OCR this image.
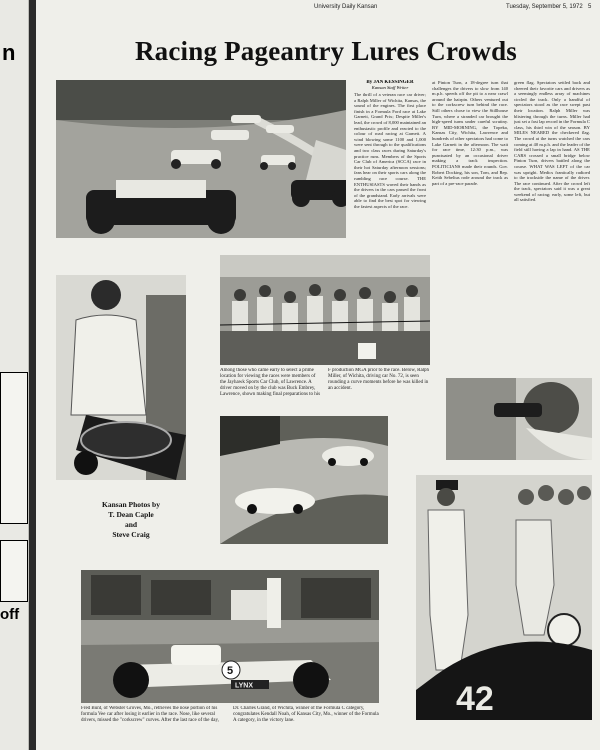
n
off
University Daily Kansan	Tuesday, September 5, 1972 5
Racing Pageantry Lures Crowds
By JAN KESSINGER
Kansan Staff Writer
The thrill of a veteran race car driver; a Ralph Miller of Wichita, Kansas, the sound of the engines. The first place finish in a Formula Ford race at Lake Garnett, Grand Prix; Despite Miller's lead, the crowd of 8,000 maintained an enthusiastic profile and reacted to the colour of road racing at Garnett. A wind blowing some 1100 and 1,000 were sent through to the qualifications and two class races during Saturday's practice runs. Members of the Sports Car Club of America (SCCA) race in their hot Saturday afternoon sessions; fans hear on their sports cars along the rumbling race course. THE ENTHUSIASTS waved their hands as the drivers in the cars passed the front of the grandstand. Early arrivals were able to find the best spot for viewing the fastest aspects of the race.
at Pinion Turn, a 18-degree turn that challenges the drivers to slow from 140 m.p.h. speeds off the pit to a near crawl around the hairpin. Others ventured out to the corkscrew turn behind the race. Still others chose to view the Stillhouse Turn, where a stranded car brought the high-speed turns under careful scrutiny. BY MID-MORNING, the Topeka, Kansas City, Wichita, Lawrence and hundreds of other spectators had come to Lake Garnett in the afternoon. The wait for race time, 12:30 p.m., was punctuated by an occasional driver making a track inspection. POLITICIANS made their rounds. Gov. Robert Docking, his son, Tom, and Rep. Keith Sebelius rode around the track as part of a pre-race parade.
green flag. Spectators settled back and cheered their favorite cars and drivers as a seemingly endless array of machines circled the track. Only a handful of spectators stood as the race swept past their location. Ralph Miller was blistering through the turns. Miller had just set a fast lap record in the Formula C class, his third win of the season. BY MILES NEARED the checkered flag. The crowd at the turns watched the cars coming at 40 m.p.h. and the leader of the field still having a lap in hand. AS THE CARS crossed a small bridge below Pinion Turn, drivers battled along the course. WHAT WAS LEFT of the car was upright. Medics frantically radioed to the trackside the name of the driver. The race continued. After the crowd left the track, spectators said it was a great weekend of racing; early, some left, but all satisfied.
Among those who came early to select a prime location for viewing the races were members of the Jayhawk Sports Car Club, of Lawrence. A driver moved on by the club was Buck Embrey, Lawrence, shown making final preparations to his
F production MGA prior to the race. Below, Ralph Miller, of Wichita, driving car No. 72, is seen rounding a curve moments before he was killed in an accident.
Kansan Photos by
T. Dean Caple
and
Steve Craig
42
5
LYNX
Fred Bunt, of Webster Groves, Mo., retrieves the nose portion of his formula Vee car after losing it earlier in the race. Nose, like several drivers, missed the "corkscrew" curves. After the last race of the day,
Dr. Charles Grand, of Wichita, winner of the Formula C category, congratulates Kendall Noah, of Kansas City, Mo., winner of the Formula A category, in the victory lane.
